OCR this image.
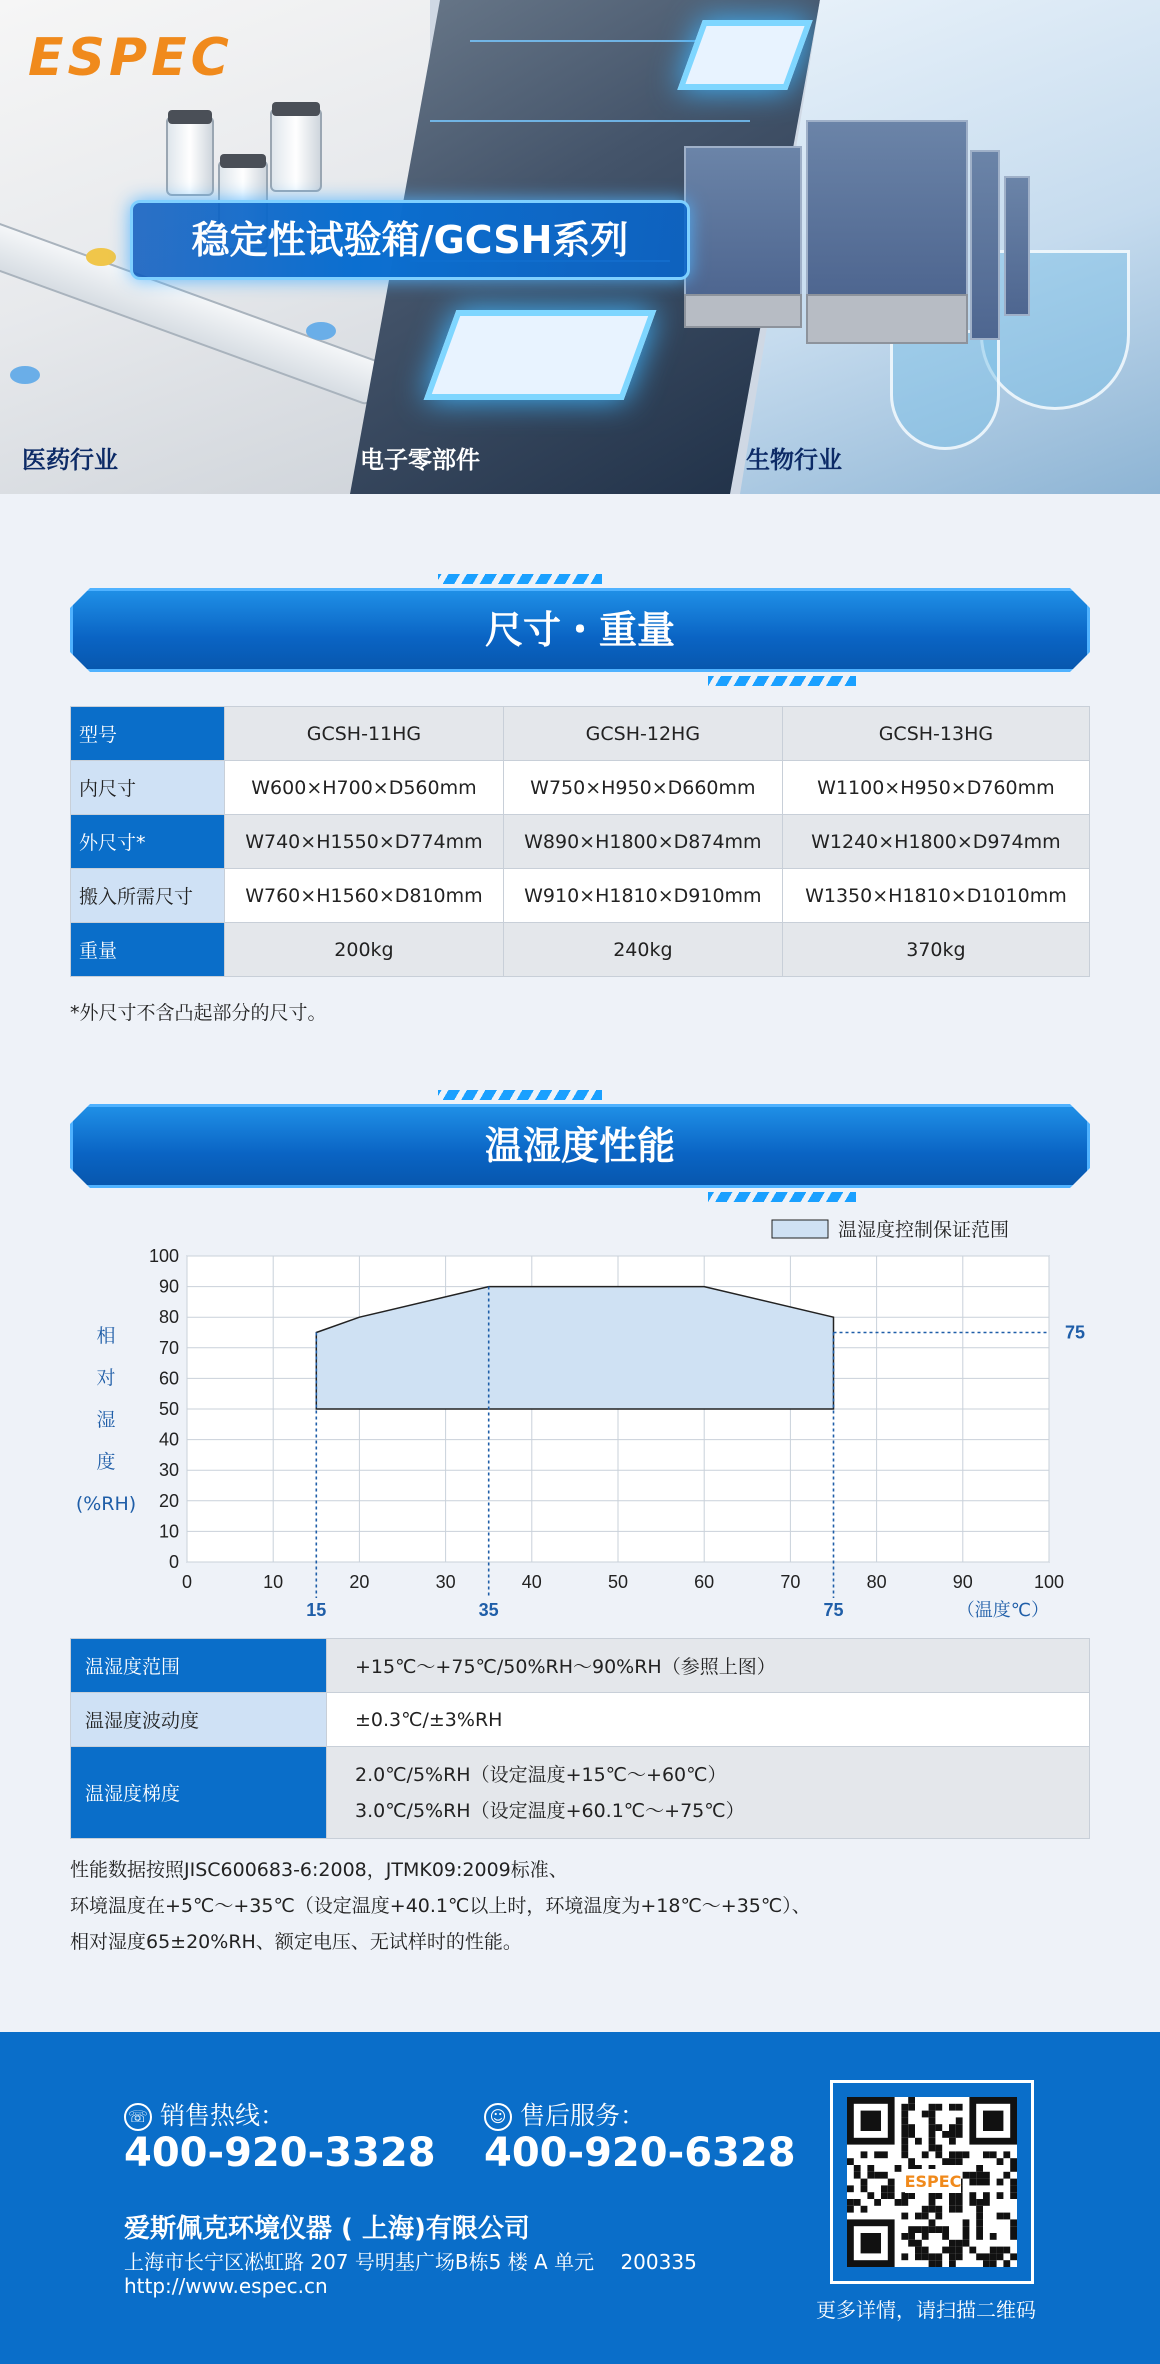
ESPEC
稳定性试验箱/GCSH系列
医药行业	电子零部件	生物行业
尺寸・重量
型号	GCSH-11HG	GCSH-12HG	GCSH-13HG
内尺寸	W600×H700×D560mm	W750×H950×D660mm	W1100×H950×D760mm
外尺寸*	W740×H1550×D774mm	W890×H1800×D874mm	W1240×H1800×D974mm
搬入所需尺寸	W760×H1560×D810mm	W910×H1810×D910mm	W1350×H1810×D1010mm
重量	200kg	240kg	370kg
*外尺寸不含凸起部分的尺寸。
温湿度性能
0	10	20	30	40	50	60	70	80	90	100
0
10
20
30
40
50
60
70
80
90
100
15	35	75
75
相
对
湿
度
(%RH)
（温度℃）
温湿度控制保证范围
温湿度范围	+15℃～+75℃/50%RH～90%RH（参照上图）
温湿度波动度	±0.3℃/±3%RH
温湿度梯度	2.0℃/5%RH（设定温度+15℃～+60℃）
3.0℃/5%RH（设定温度+60.1℃～+75℃）
性能数据按照JISC600683-6:2008，JTMK09:2009标准、
环境温度在+5℃～+35℃（设定温度+40.1℃以上时，环境温度为+18℃～+35℃）、
相对湿度65±20%RH、额定电压、无试样时的性能。
☏ 销售热线：
400-920-3328
☺ 售后服务：
400-920-6328
爱斯佩克环境仪器 ( 上海)有限公司
上海市长宁区凇虹路 207 号明基广场B栋5 楼 A 单元　 200335
http://www.espec.cn
ESPEC
更多详情，请扫描二维码
